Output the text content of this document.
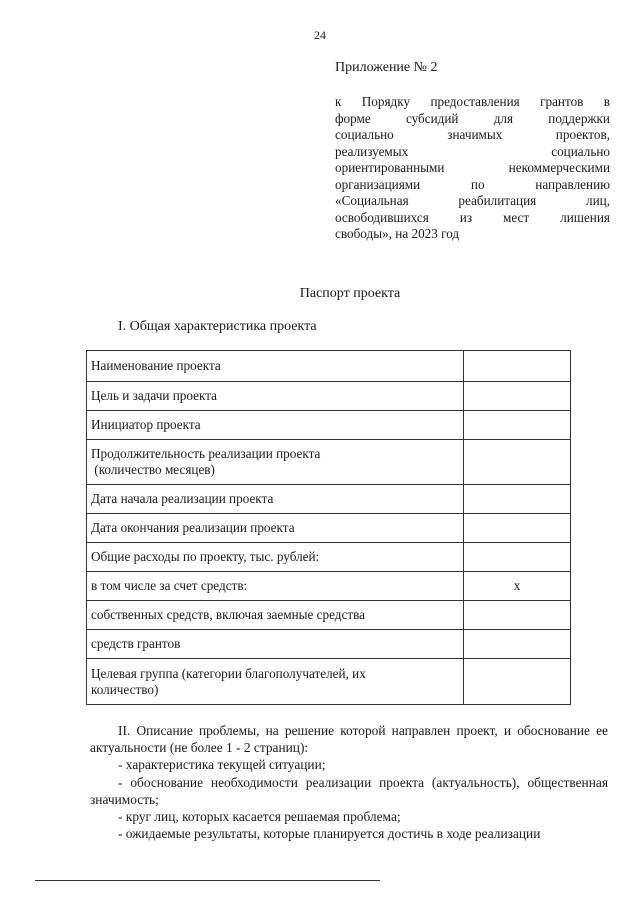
24
Приложение № 2
к Порядку предоставления грантов в
форме субсидий для поддержки
социально значимых проектов,
реализуемых социально
ориентированными некоммерческими
организациями по направлению
«Социальная реабилитация лиц,
освободившихся из мест лишения
свободы», на 2023 год
Паспорт проекта
I. Общая характеристика проекта
Наименование проекта	
Цель и задачи проекта	
Инициатор проекта	

Продолжительность реализации проекта
(количество месяцев)	

Дата начала реализации проекта	
Дата окончания реализации проекта	
Общие расходы по проекту, тыс. рублей:	
в том числе за счет средств:	х
собственных средств, включая заемные средства	
средств грантов	

Целевая группа (категории благополучателей, их
количество)	

II. Описание проблемы, на решение которой направлен проект, и обоснование ее актуальности (не более 1 - 2 страниц):

- характеристика текущей ситуации;

- обоснование необходимости реализации проекта (актуальность), общественная значимость;

- круг лиц, которых касается решаемая проблема;

- ожидаемые результаты, которые планируется достичь в ходе реализации
